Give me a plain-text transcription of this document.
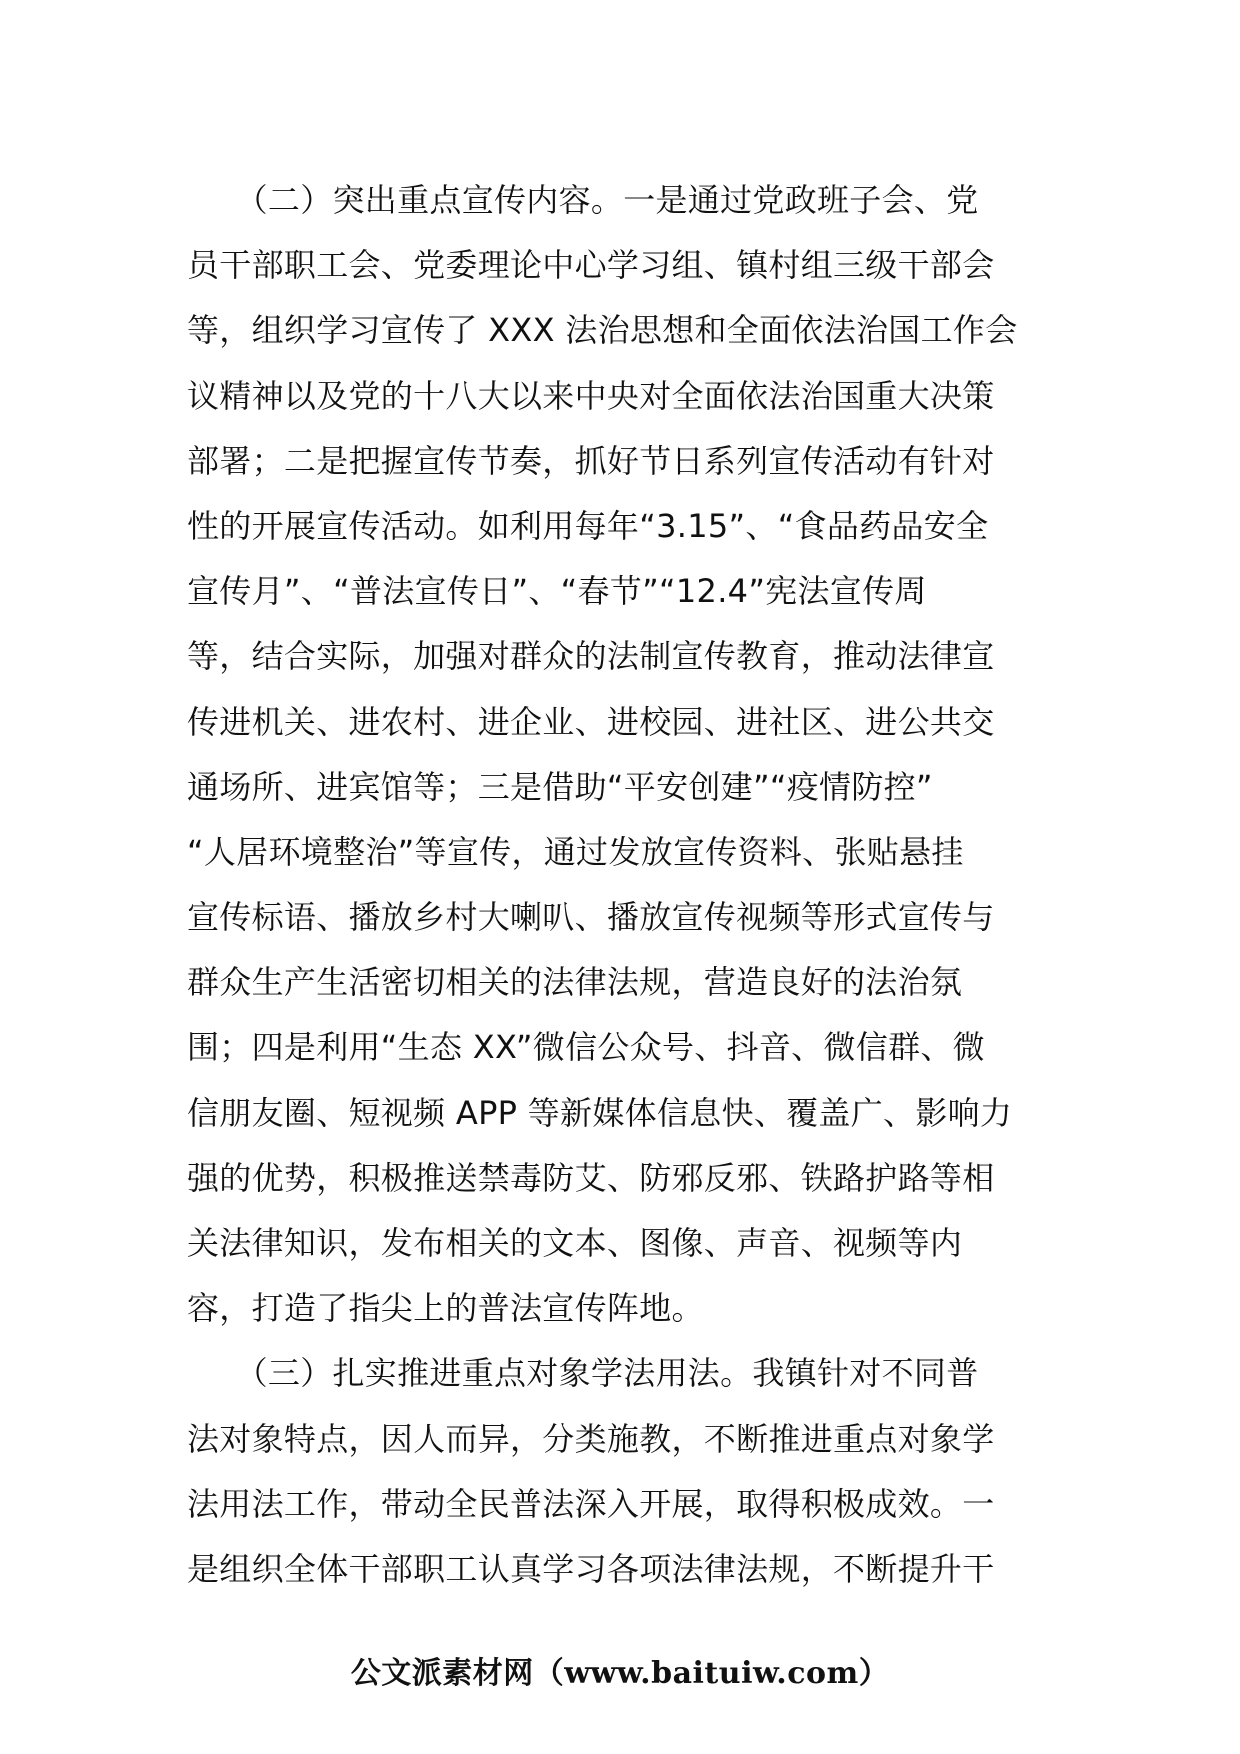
　　（二）突出重点宣传内容。一是通过党政班子会、党
员干部职工会、党委理论中心学习组、镇村组三级干部会
等，组织学习宣传了 XXX 法治思想和全面依法治国工作会
议精神以及党的十八大以来中央对全面依法治国重大决策
部署；二是把握宣传节奏，抓好节日系列宣传活动有针对
性的开展宣传活动。如利用每年“3.15”、“食品药品安全
宣传月”、“普法宣传日”、“春节”“12.4”宪法宣传周
等，结合实际，加强对群众的法制宣传教育，推动法律宣
传进机关、进农村、进企业、进校园、进社区、进公共交
通场所、进宾馆等；三是借助“平安创建”“疫情防控”
“人居环境整治”等宣传，通过发放宣传资料、张贴悬挂
宣传标语、播放乡村大喇叭、播放宣传视频等形式宣传与
群众生产生活密切相关的法律法规，营造良好的法治氛
围；四是利用“生态 XX”微信公众号、抖音、微信群、微
信朋友圈、短视频 APP 等新媒体信息快、覆盖广、影响力
强的优势，积极推送禁毒防艾、防邪反邪、铁路护路等相
关法律知识，发布相关的文本、图像、声音、视频等内
容，打造了指尖上的普法宣传阵地。
　　（三）扎实推进重点对象学法用法。我镇针对不同普
法对象特点，因人而异，分类施教，不断推进重点对象学
法用法工作，带动全民普法深入开展，取得积极成效。一
是组织全体干部职工认真学习各项法律法规，不断提升干
公文派素材网（www.baituiw.com）
